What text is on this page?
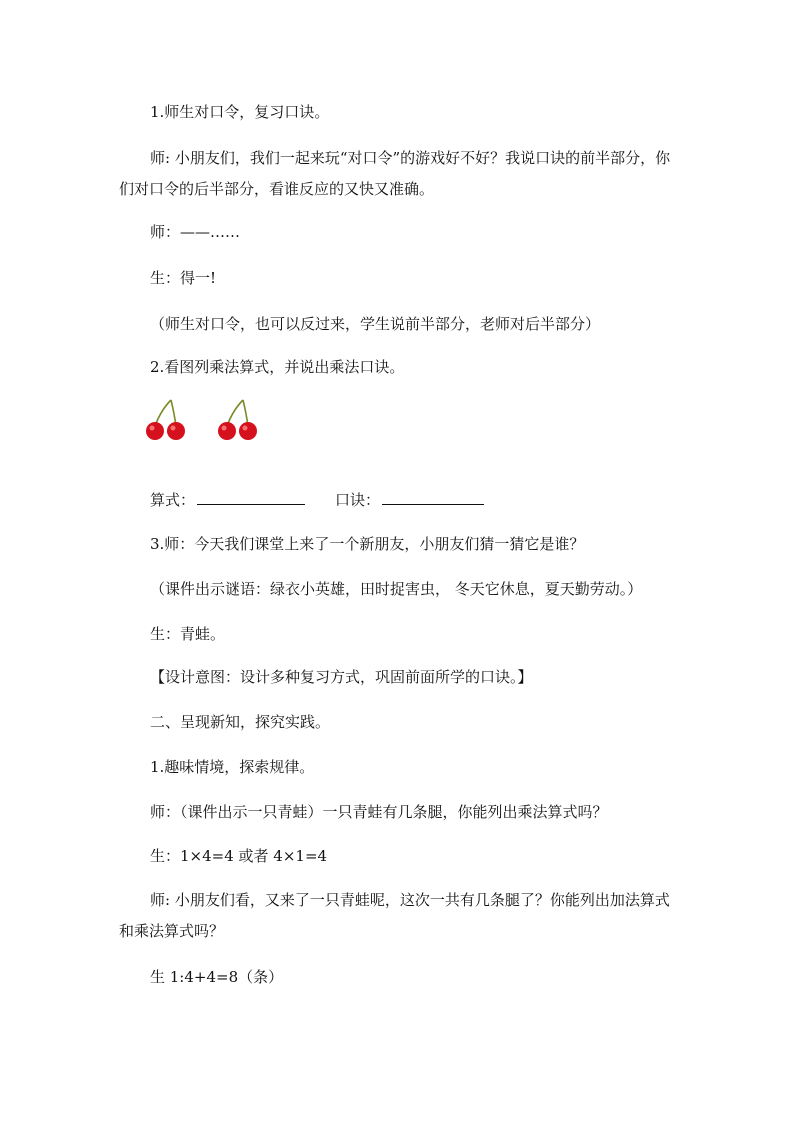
1.师生对口令，复习口诀。
师: 小朋友们，我们一起来玩“对口令”的游戏好不好？我说口诀的前半部分，你们对口令的后半部分，看谁反应的又快又准确。
师：——……
生：得一!
（师生对口令，也可以反过来，学生说前半部分，老师对后半部分）
2.看图列乘法算式，并说出乘法口诀。
算式：	口诀：
3.师：今天我们课堂上来了一个新朋友，小朋友们猜一猜它是谁？
（课件出示谜语：绿衣小英雄，田时捉害虫， 冬天它休息，夏天勤劳动。）
生：青蛙。
【设计意图：设计多种复习方式，巩固前面所学的口诀。】
二、呈现新知，探究实践。
1.趣味情境，探索规律。
师：（课件出示一只青蛙）一只青蛙有几条腿，你能列出乘法算式吗？
生：1×4=4 或者 4×1=4
师: 小朋友们看，又来了一只青蛙呢，这次一共有几条腿了？你能列出加法算式和乘法算式吗？
生 1:4+4=8（条）
